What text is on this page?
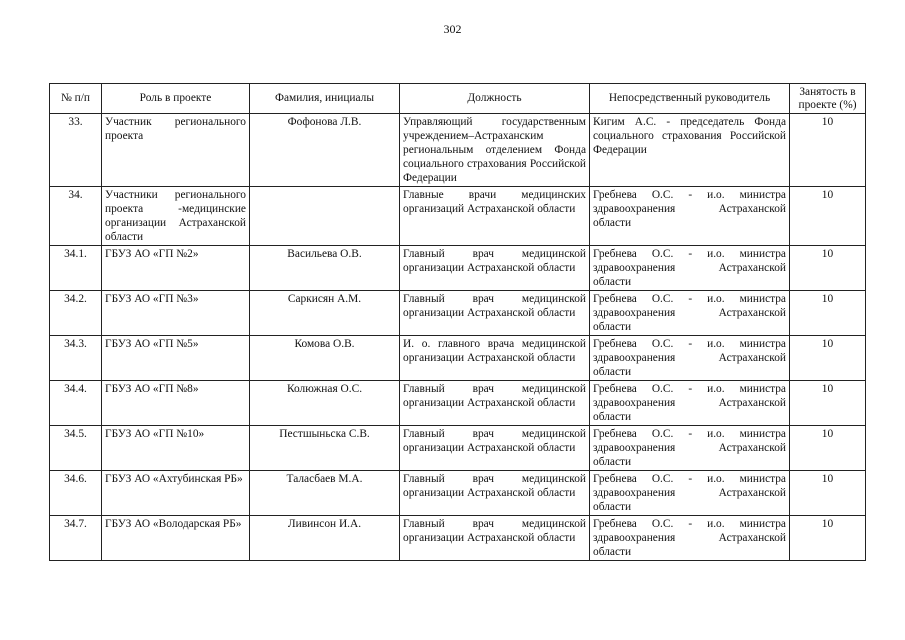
302
№ п/п	Роль в проекте	Фамилия, инициалы	Должность	Непосредственный руководитель	Занятость в проекте (%)
33.	Участник регионального проекта	Фофонова Л.В.	Управляющий государственным учреждением–Астраханским региональным отделением Фонда социального страхования Российской Федерации	Кигим А.С. - председатель Фонда социального страхования Российской Федерации	10
34.	Участники регионального проекта -медицинские организации Астраханской области		Главные врачи медицинских организаций Астраханской области	Гребнева О.С. - и.о. министра здравоохранения Астраханской области	10
34.1.	ГБУЗ АО «ГП №2»	Васильева О.В.	Главный врач медицинской организации Астраханской области	Гребнева О.С. - и.о. министра здравоохранения Астраханской области	10
34.2.	ГБУЗ АО «ГП №3»	Саркисян А.М.	Главный врач медицинской организации Астраханской области	Гребнева О.С. - и.о. министра здравоохранения Астраханской области	10
34.3.	ГБУЗ АО «ГП №5»	Комова О.В.	И. о. главного врача медицинской организации Астраханской области	Гребнева О.С. - и.о. министра здравоохранения Астраханской области	10
34.4.	ГБУЗ АО «ГП №8»	Колюжная О.С.	Главный врач медицинской организации Астраханской области	Гребнева О.С. - и.о. министра здравоохранения Астраханской области	10
34.5.	ГБУЗ АО «ГП №10»	Пестшыньска С.В.	Главный врач медицинской организации Астраханской области	Гребнева О.С. - и.о. министра здравоохранения Астраханской области	10
34.6.	ГБУЗ АО «Ахтубинская РБ»	Таласбаев М.А.	Главный врач медицинской организации Астраханской области	Гребнева О.С. - и.о. министра здравоохранения Астраханской области	10
34.7.	ГБУЗ АО «Володарская РБ»	Ливинсон И.А.	Главный врач медицинской организации Астраханской области	Гребнева О.С. - и.о. министра здравоохранения Астраханской области	10
